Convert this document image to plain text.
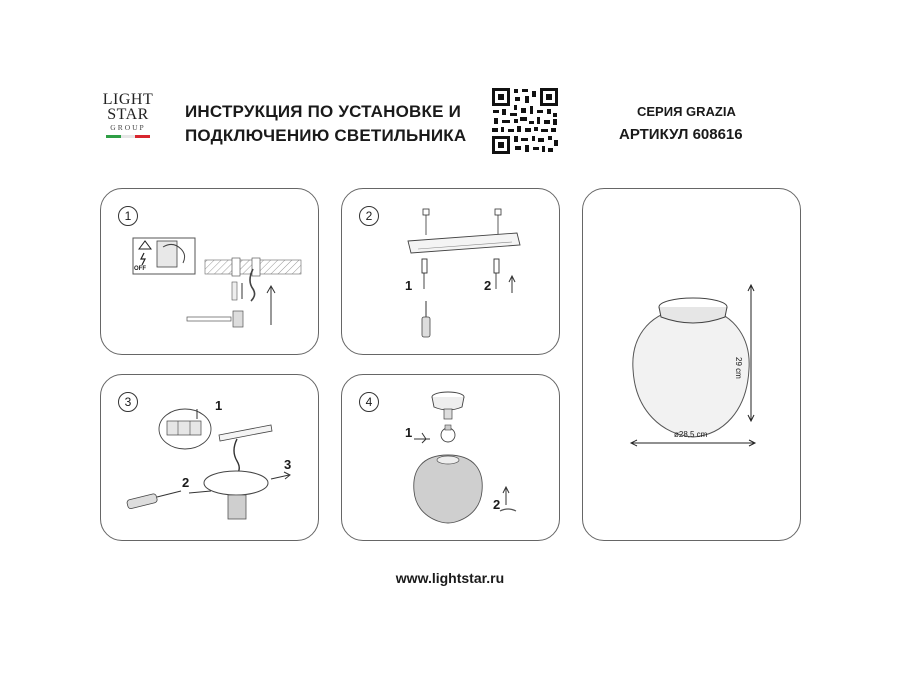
LIGHT
STAR
GROUP
ИНСТРУКЦИЯ ПО УСТАНОВКЕ И
ПОДКЛЮЧЕНИЮ СВЕТИЛЬНИКА
СЕРИЯ GRAZIA
АРТИКУЛ 608616
1
OFF
2
1	2
3	1
2
3
4
1
2
29 cm
ø28,5 cm
www.lightstar.ru
